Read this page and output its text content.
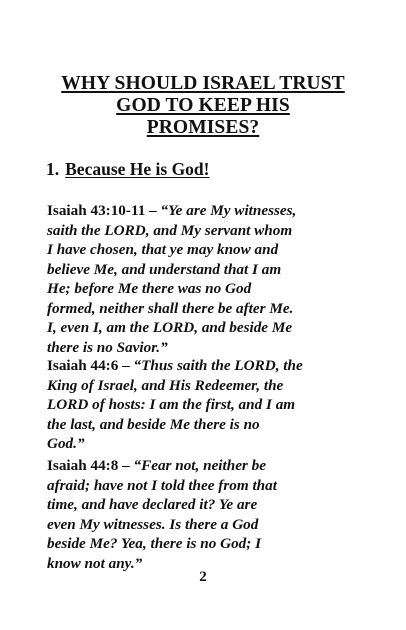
WHY SHOULD ISRAEL TRUST
GOD TO KEEP HIS
PROMISES?
1. Because He is God!
Isaiah 43:10-11 – “Ye are My witnesses,
saith the LORD, and My servant whom
I have chosen, that ye may know and
believe Me, and understand that I am
He; before Me there was no God
formed, neither shall there be after Me.
I, even I, am the LORD, and beside Me
there is no Savior.”
Isaiah 44:6 – “Thus saith the LORD, the
King of Israel, and His Redeemer, the
LORD of hosts: I am the first, and I am
the last, and beside Me there is no
God.”
Isaiah 44:8 – “Fear not, neither be
afraid; have not I told thee from that
time, and have declared it? Ye are
even My witnesses. Is there a God
beside Me? Yea, there is no God; I
know not any.”
2
